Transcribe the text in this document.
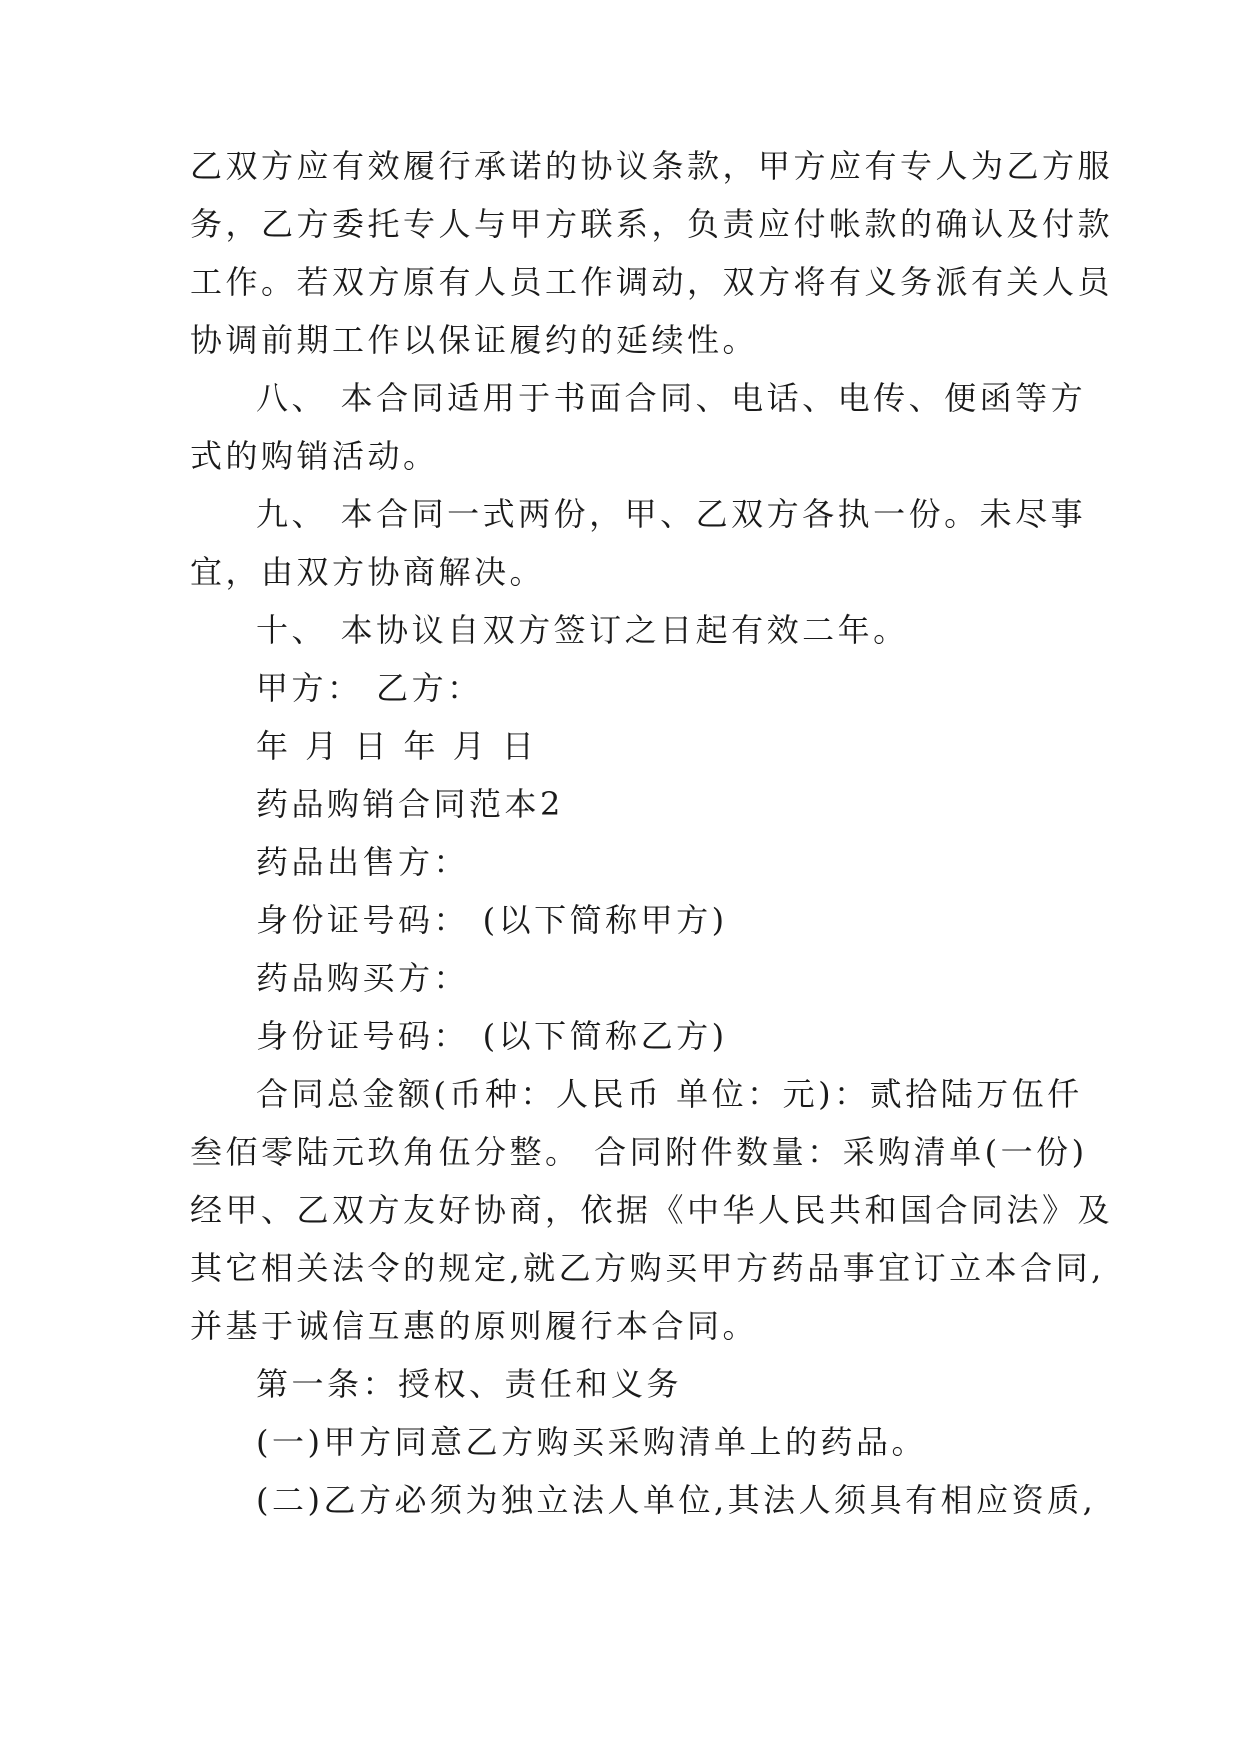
乙双方应有效履行承诺的协议条款，甲方应有专人为乙方服
务，乙方委托专人与甲方联系，负责应付帐款的确认及付款
工作。若双方原有人员工作调动，双方将有义务派有关人员
协调前期工作以保证履约的延续性。
八、 本合同适用于书面合同、电话、电传、便函等方
式的购销活动。
九、 本合同一式两份，甲、乙双方各执一份。未尽事
宜，由双方协商解决。
十、 本协议自双方签订之日起有效二年。
甲方： 乙方：
年 月 日 年 月 日
药品购销合同范本2
药品出售方：
身份证号码： (以下简称甲方)
药品购买方：
身份证号码： (以下简称乙方)
合同总金额(币种：人民币 单位：元)：贰拾陆万伍仟
叁佰零陆元玖角伍分整。 合同附件数量：采购清单(一份)
经甲、乙双方友好协商，依据《中华人民共和国合同法》及
其它相关法令的规定,就乙方购买甲方药品事宜订立本合同,
并基于诚信互惠的原则履行本合同。
第一条：授权、责任和义务
(一)甲方同意乙方购买采购清单上的药品。
(二)乙方必须为独立法人单位,其法人须具有相应资质,
